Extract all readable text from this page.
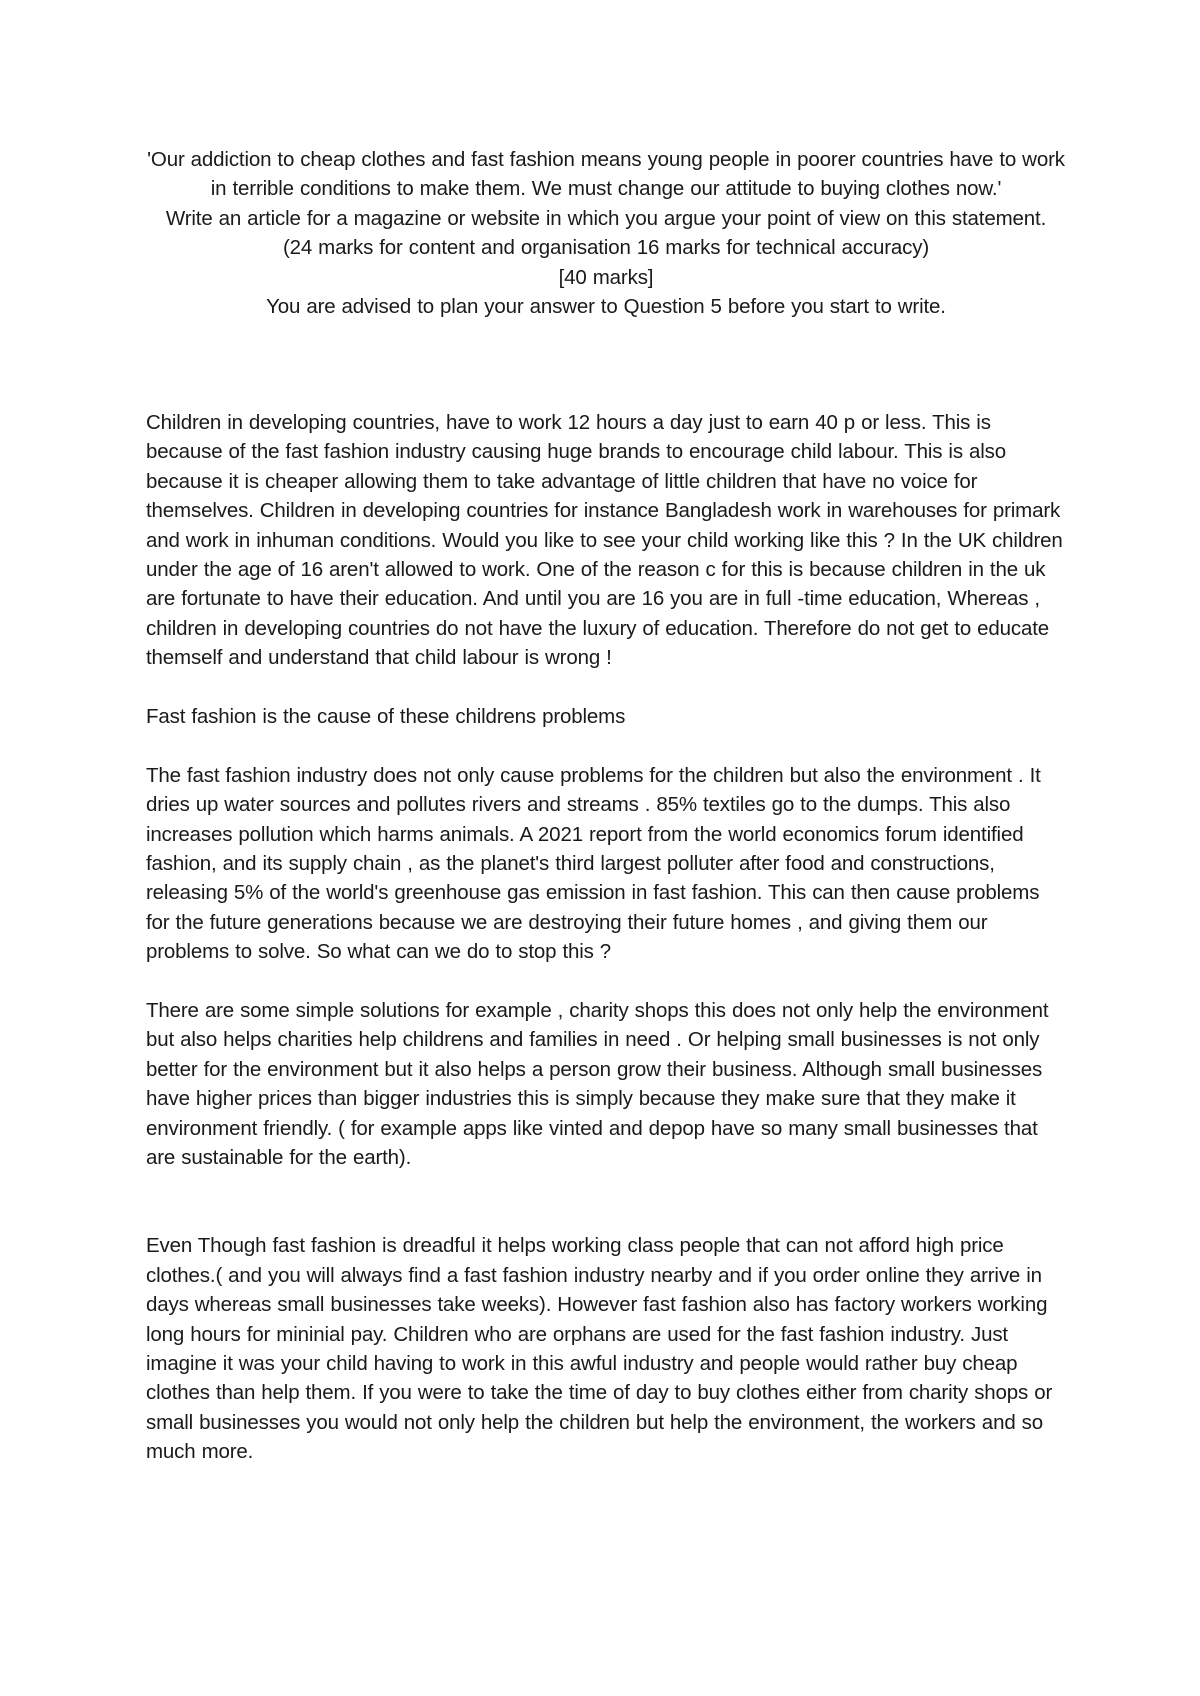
'Our addiction to cheap clothes and fast fashion means young people in poorer countries have to work in terrible conditions to make them. We must change our attitude to buying clothes now.'

Write an article for a magazine or website in which you argue your point of view on this statement.

(24 marks for content and organisation 16 marks for technical accuracy)

[40 marks]

You are advised to plan your answer to Question 5 before you start to write.

Children in developing countries, have to work 12 hours a day just to earn 40 p or less. This is because of the fast fashion industry causing huge brands to encourage child labour. This is also because it is cheaper allowing them to take advantage of little children that have no voice for themselves. Children in developing countries for instance Bangladesh work in warehouses for primark and work in inhuman conditions. Would you like to see your child working like this ? In the UK children under the age of 16 aren't allowed to work. One of the reason c for this is because children in the uk are fortunate to have their education. And until you are 16 you are in full -time education, Whereas , children in developing countries do not have the luxury of education. Therefore do not get to educate themself and understand that child labour is wrong !

Fast fashion is the cause of these childrens problems

The fast fashion industry does not only cause problems for the children but also the environment . It dries up water sources and pollutes rivers and streams . 85% textiles go to the dumps. This also increases pollution which harms animals. A 2021 report from the world economics forum identified fashion, and its supply chain , as the planet's third largest polluter after food and constructions, releasing 5% of the world's greenhouse gas emission in fast fashion. This can then cause problems for the future generations because we are destroying their future homes , and giving them our problems to solve. So what can we do to stop this ?

There are some simple solutions for example , charity shops this does not only help the environment but also helps charities help childrens and families in need . Or helping small businesses is not only better for the environment but it also helps a person grow their business. Although small businesses have higher prices than bigger industries this is simply because they make sure that they make it environment friendly. ( for example apps like vinted and depop have so many small businesses that are sustainable for the earth).

Even Though fast fashion is dreadful it helps working class people that can not afford high price clothes.( and you will always find a fast fashion industry nearby and if you order online they arrive in days whereas small businesses take weeks). However fast fashion also has factory workers working long hours for mininial pay. Children who are orphans are used for the fast fashion industry. Just imagine it was your child having to work in this awful industry and people would rather buy cheap clothes than help them. If you were to take the time of day to buy clothes either from charity shops or small businesses you would not only help the children but help the environment, the workers and so much more.
